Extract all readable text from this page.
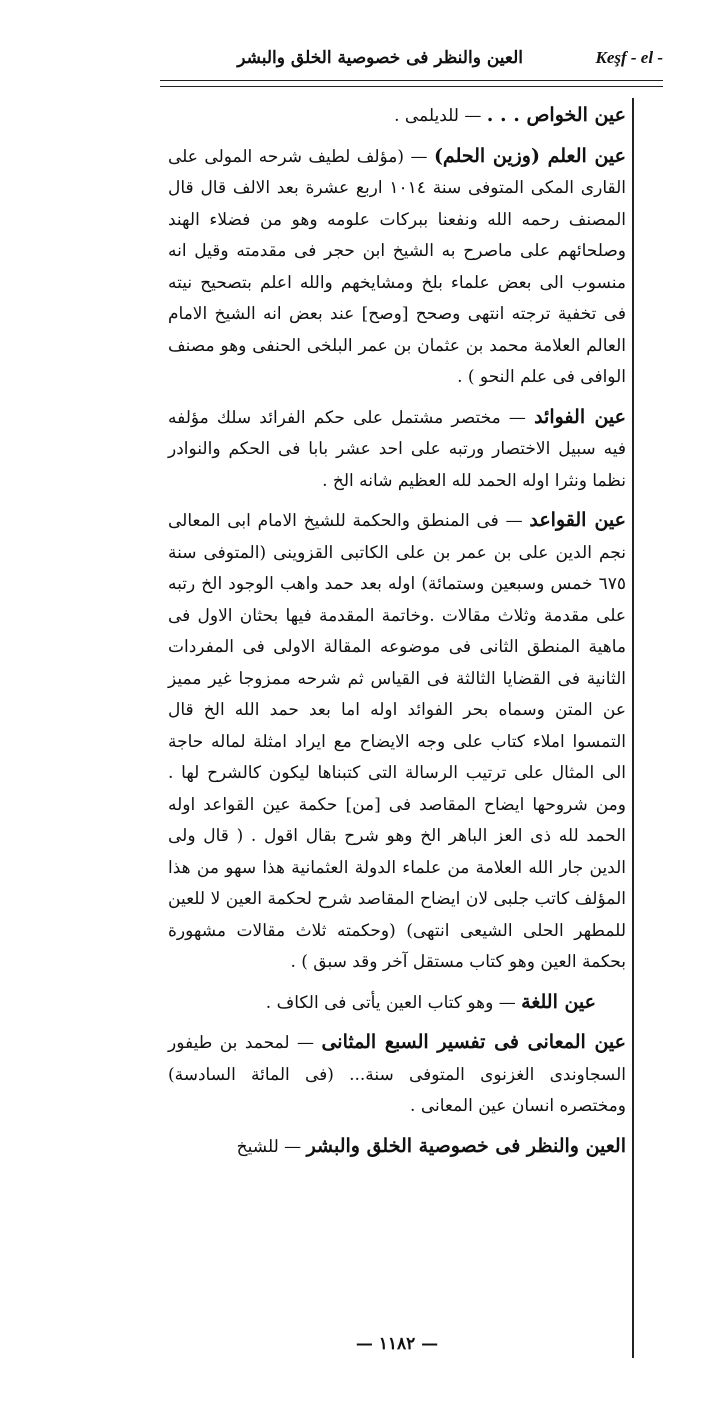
العين والنظر فى خصوصية الخلق والبشر	Keşf - el -

عين الخواص . . . — للديلمى .

عين العلم (وزين الحلم) — (مؤلف لطيف شرحه المولى على القارى المكى المتوفى سنة ١٠١٤ اربع عشرة بعد الالف قال قال المصنف رحمه الله ونفعنا ببركات علومه وهو من فضلاء الهند وصلحائهم على ماصرح به الشيخ ابن حجر فى مقدمته وقيل انه منسوب الى بعض علماء بلخ ومشايخهم والله اعلم بتصحيح نيته فى تخفية ترجته انتهى وصحح [وصح] عند بعض انه الشيخ الامام العالم العلامة محمد بن عثمان بن عمر البلخى الحنفى وهو مصنف الوافى فى علم النحو ) .

عين الفوائد — مختصر مشتمل على حكم الفرائد سلك مؤلفه فيه سبيل الاختصار ورتبه على احد عشر بابا فى الحكم والنوادر نظما ونثرا اوله الحمد لله العظيم شانه الخ .

عين القواعد — فى المنطق والحكمة للشيخ الامام ابى المعالى نجم الدين على بن عمر بن على الكاتبى القزوينى (المتوفى سنة ٦٧٥ خمس وسبعين وستمائة) اوله بعد حمد واهب الوجود الخ رتبه على مقدمة وثلاث مقالات .وخاتمة المقدمة فيها بحثان الاول فى ماهية المنطق الثانى فى موضوعه المقالة الاولى فى المفردات الثانية فى القضايا الثالثة فى القياس ثم شرحه ممزوجا غير مميز عن المتن وسماه بحر الفوائد اوله اما بعد حمد الله الخ قال التمسوا املاء كتاب على وجه الايضاح مع ايراد امثلة لماله حاجة الى المثال على ترتيب الرسالة التى كتبناها ليكون كالشرح لها . ومن شروحها ايضاح المقاصد فى [من] حكمة عين القواعد اوله الحمد لله ذى العز الباهر الخ وهو شرح بقال اقول . ( قال ولى الدين جار الله العلامة من علماء الدولة العثمانية هذا سهو من هذا المؤلف كاتب جلبى لان ايضاح المقاصد شرح لحكمة العين لا للعين للمطهر الحلى الشيعى انتهى) (وحكمته ثلاث مقالات مشهورة بحكمة العين وهو كتاب مستقل آخر وقد سبق ) .

عين اللغة — وهو كتاب العين يأتى فى الكاف .

عين المعانى فى تفسير السبع المثانى — لمحمد بن طيفور السجاوندى الغزنوى المتوفى سنة... (فى المائة السادسة) ومختصره انسان عين المعانى .

العين والنظر فى خصوصية الخلق والبشر — للشيخ

— ١١٨٢ —
